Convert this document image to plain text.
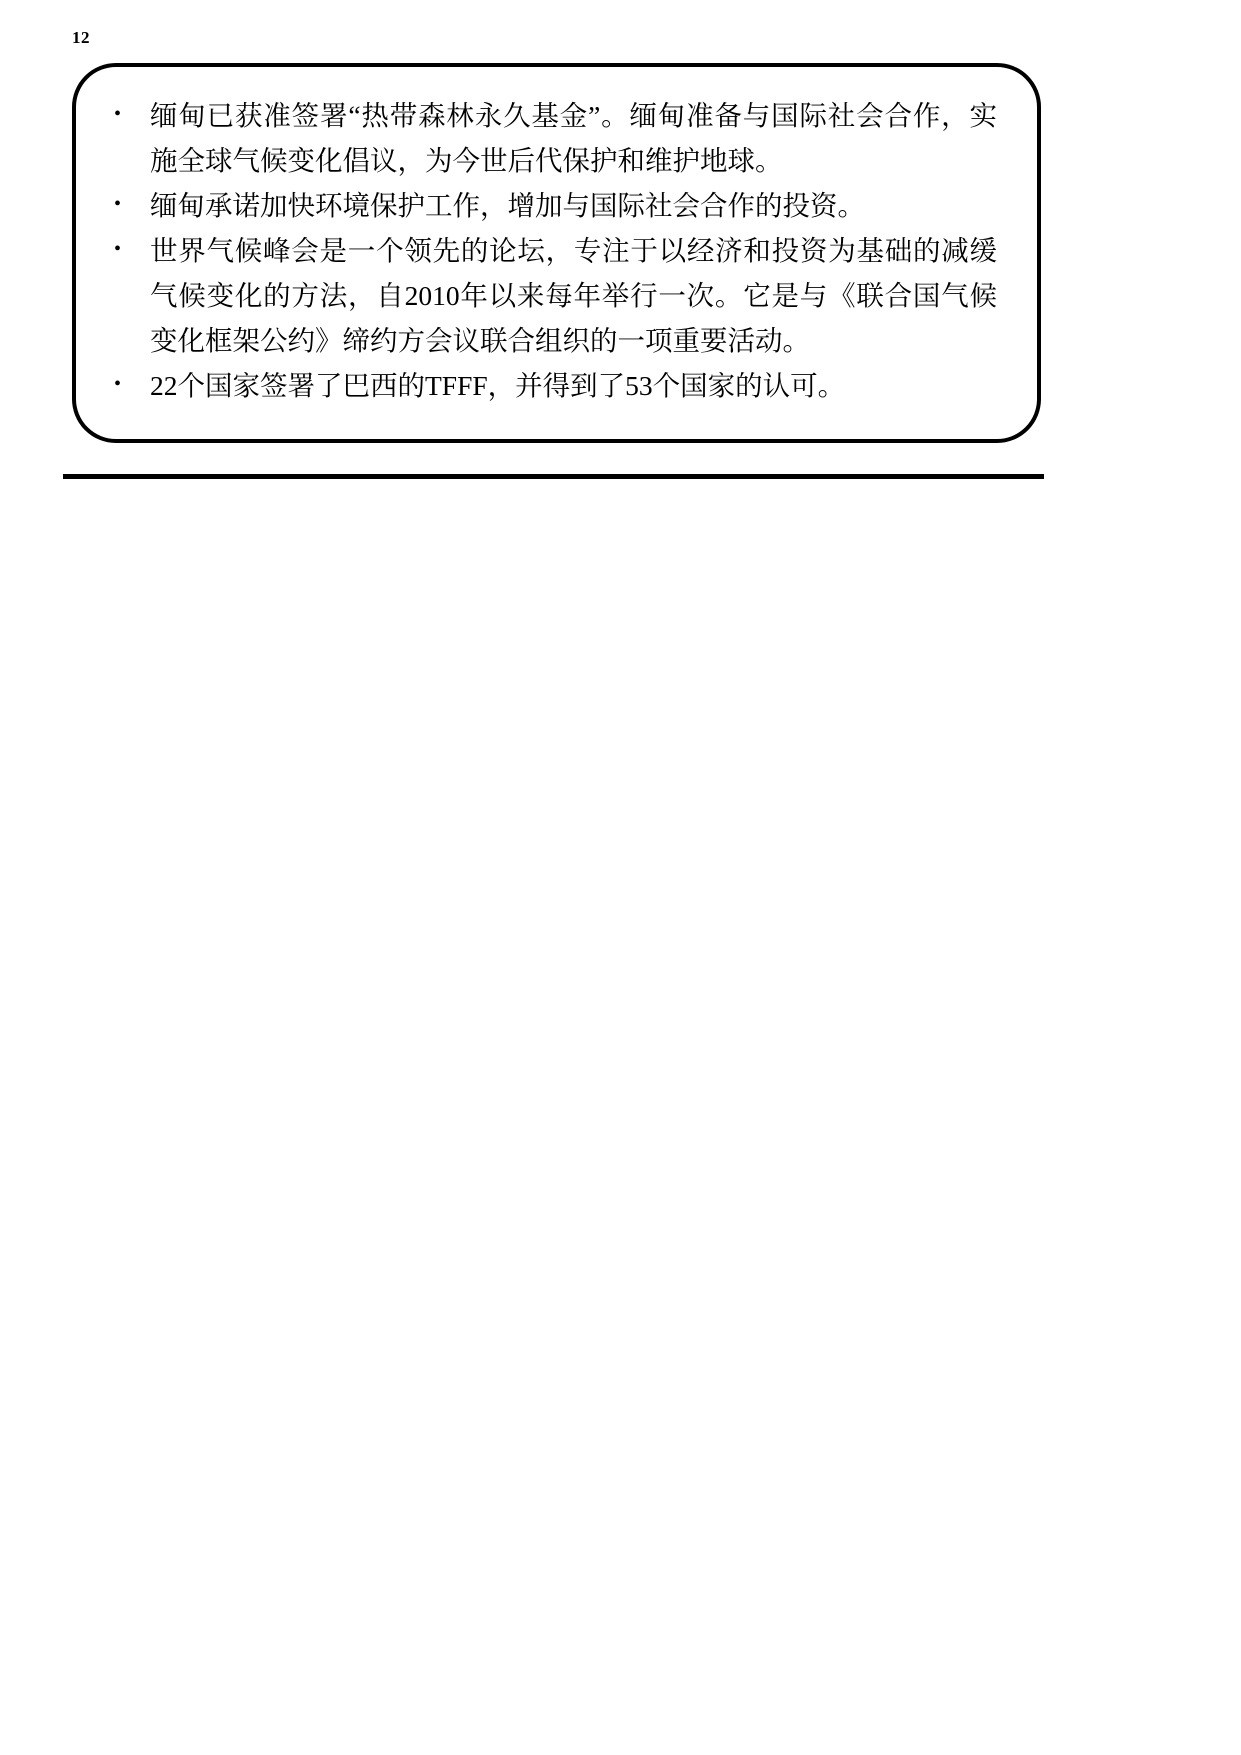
12
• 缅甸已获准签署“热带森林永久基金”。缅甸准备与国际社会合作，实施全球气候变化倡议，为今世后代保护和维护地球。
• 缅甸承诺加快环境保护工作，增加与国际社会合作的投资。
• 世界气候峰会是一个领先的论坛，专注于以经济和投资为基础的减缓气候变化的方法，自2010年以来每年举行一次。它是与《联合国气候变化框架公约》缔约方会议联合组织的一项重要活动。
• 22个国家签署了巴西的TFFF，并得到了53个国家的认可。
